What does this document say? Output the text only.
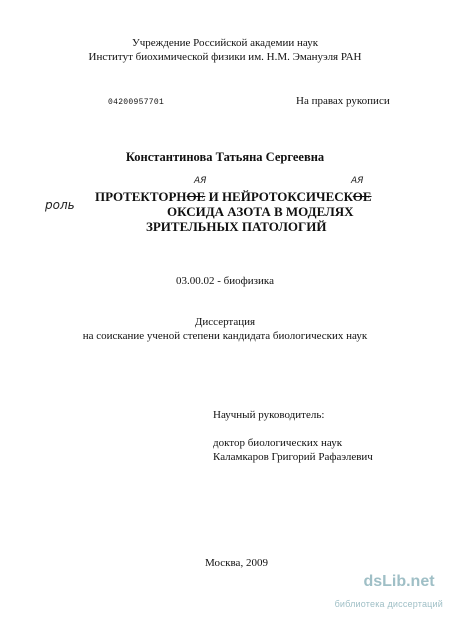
Учреждение Российской академии наук
Институт биохимической физики им. Н.М. Эмануэля РАН
04200957701	На правах рукописи
Константинова Татьяна Сергеевна
АЯ	АЯ
роль
ПРОТЕКТОРНОЕ И НЕЙРОТОКСИЧЕСКОЕ
ОКСИДА АЗОТА В МОДЕЛЯХ
ЗРИТЕЛЬНЫХ ПАТОЛОГИЙ
03.00.02 - биофизика
Диссертация
на соискание ученой степени кандидата биологических наук
Научный руководитель:
доктор биологических наук
Каламкаров Григорий Рафаэлевич
Москва, 2009
dsLib.net
библиотека диссертаций
